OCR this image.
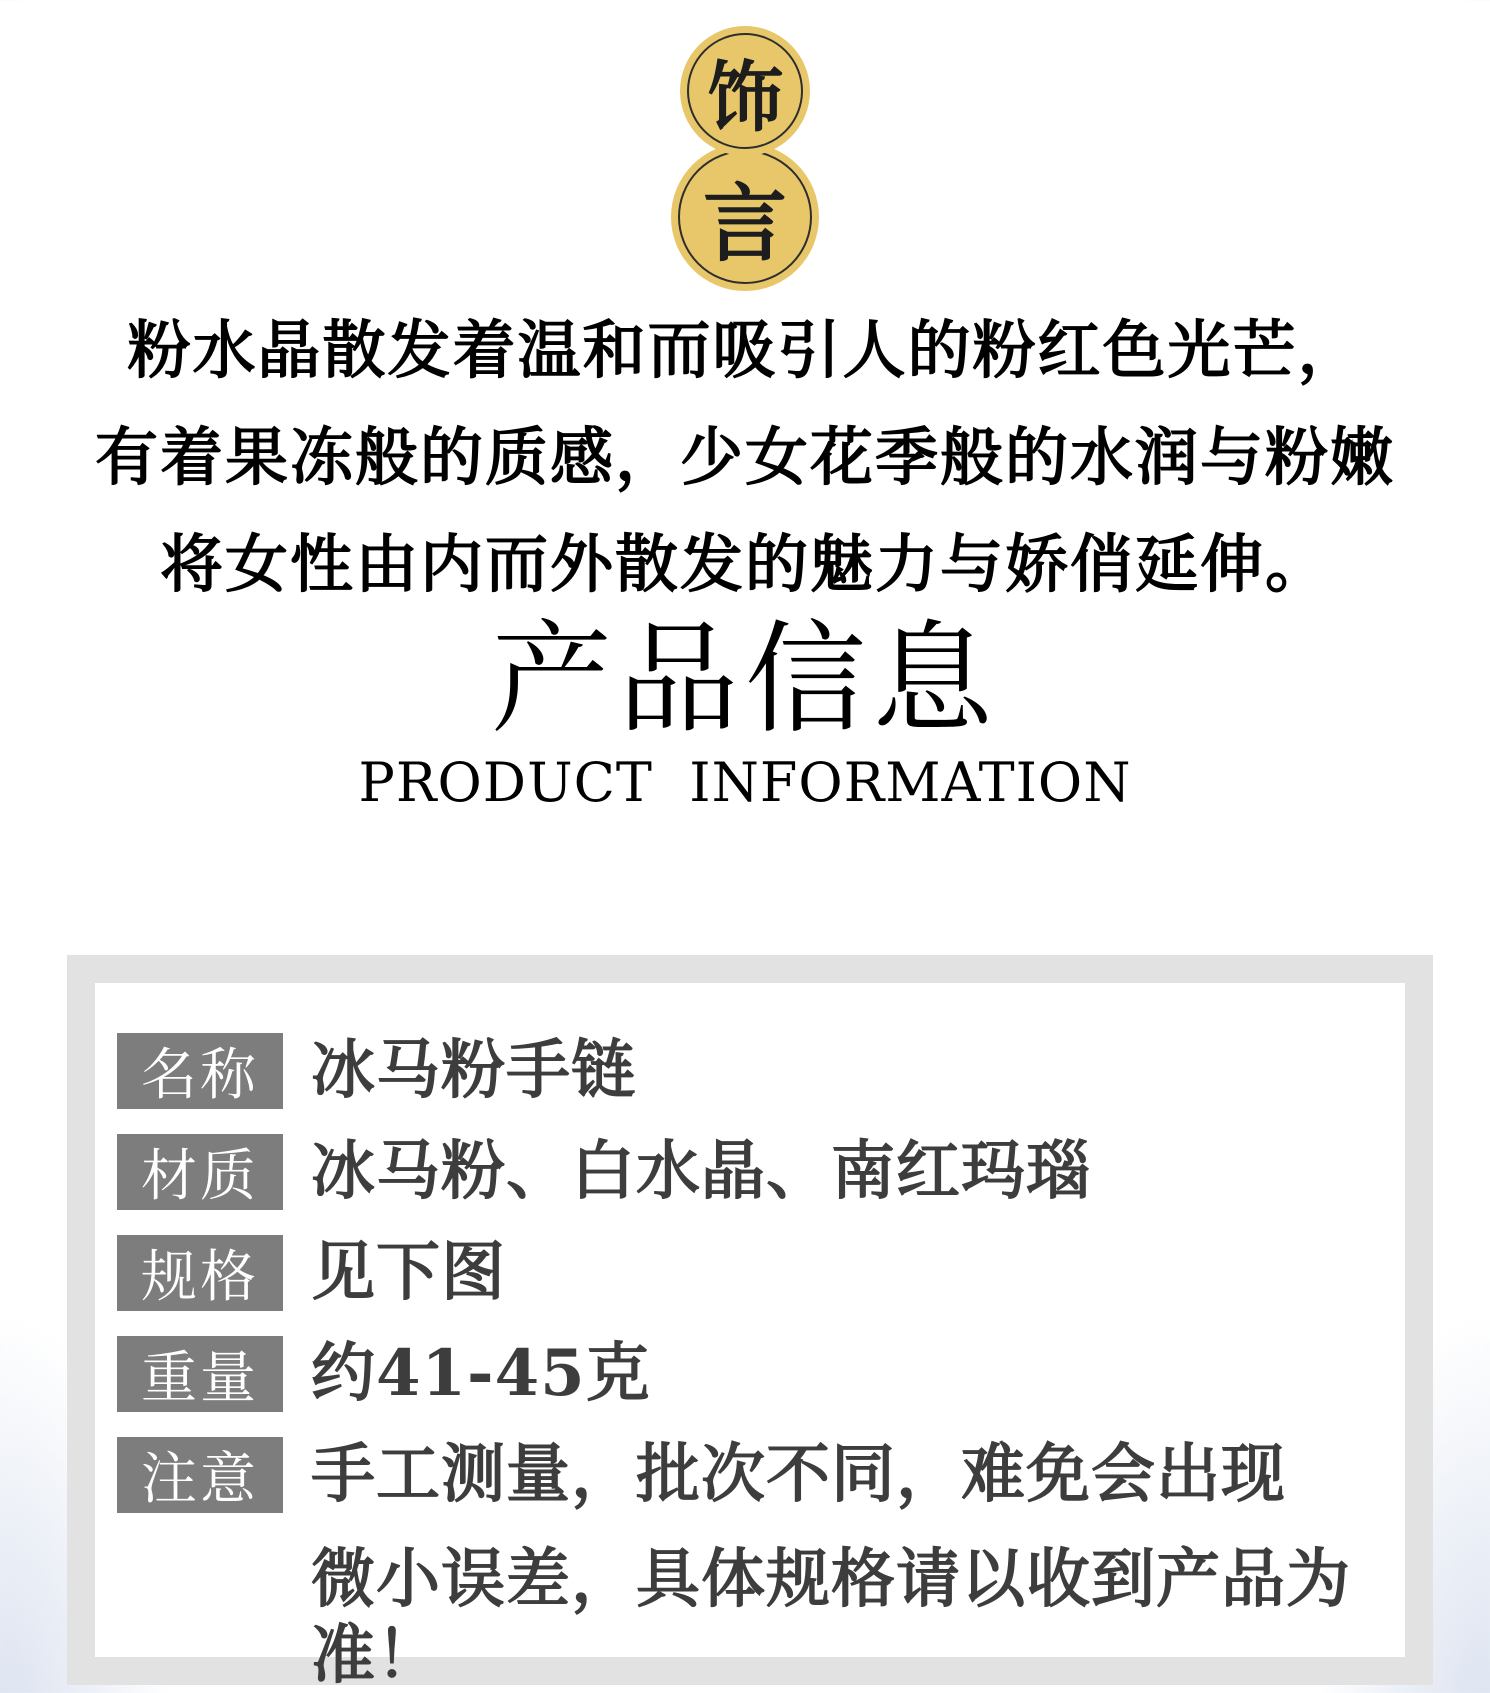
饰
言
粉水晶散发着温和而吸引人的粉红色光芒，
有着果冻般的质感，少女花季般的水润与粉嫩
将女性由内而外散发的魅力与娇俏延伸。
产品信息
PRODUCT  INFORMATION
名称 冰马粉手链
材质 冰马粉、白水晶、南红玛瑙
规格 见下图
重量 约41-45克
注意 手工测量，批次不同，难免会出现
微小误差，具体规格请以收到产品为准！
